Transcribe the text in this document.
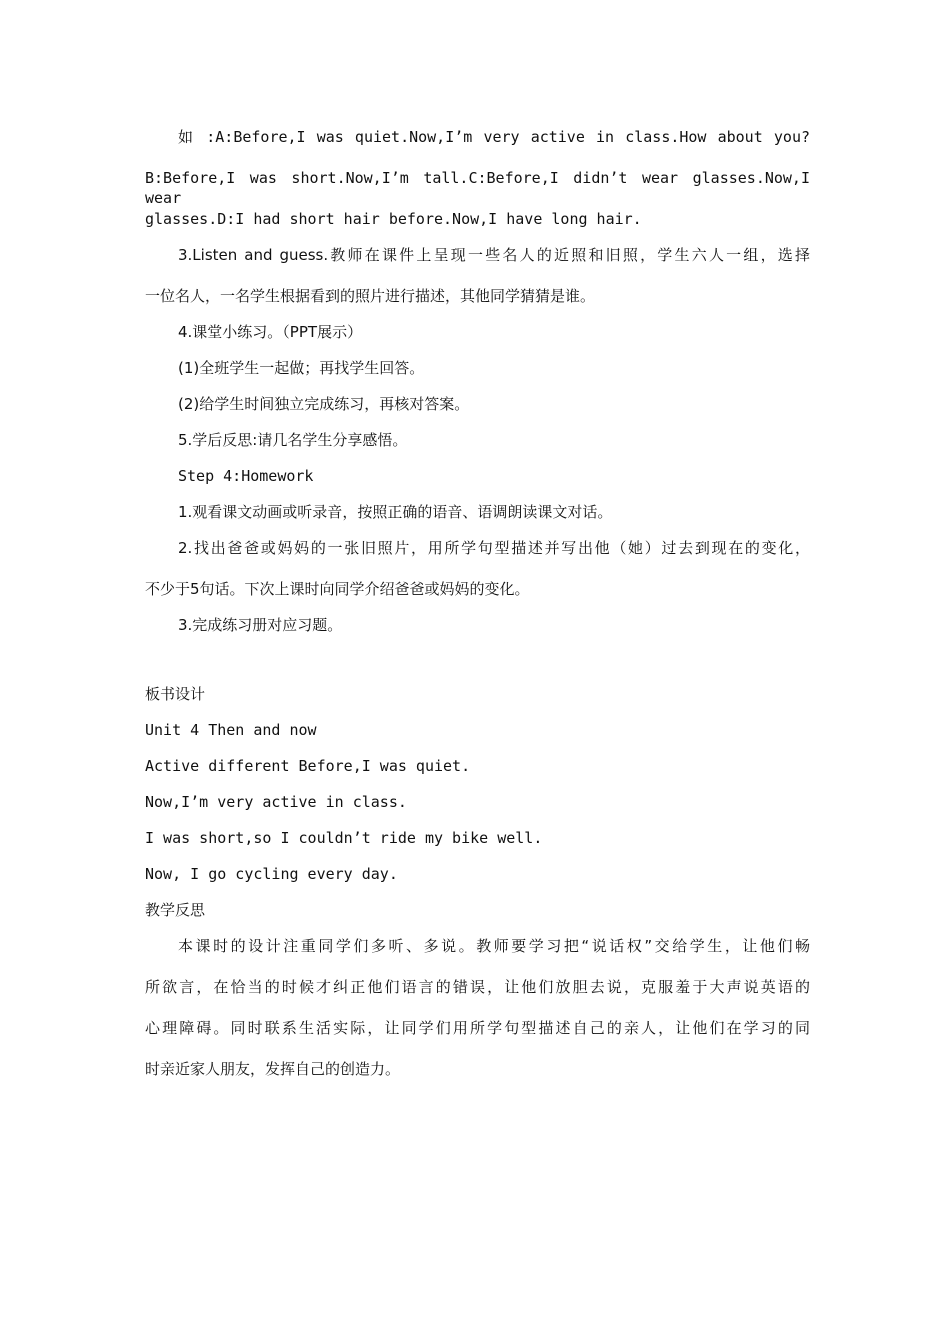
如 :A:Before,I was quiet.Now,I’m very active in class.How about you?
B:Before,I was short.Now,I’m tall.C:Before,I didn’t wear glasses.Now,I wear
glasses.D:I had short hair before.Now,I have long hair.
3.Listen and guess.教师在课件上呈现一些名人的近照和旧照，学生六人一组，选择
一位名人，一名学生根据看到的照片进行描述，其他同学猜猜是谁。
4.课堂小练习。（PPT展示）
(1)全班学生一起做；再找学生回答。
(2)给学生时间独立完成练习，再核对答案。
5.学后反思:请几名学生分享感悟。
Step 4:Homework
1.观看课文动画或听录音，按照正确的语音、语调朗读课文对话。
2.找出爸爸或妈妈的一张旧照片，用所学句型描述并写出他（她）过去到现在的变化，
不少于5句话。下次上课时向同学介绍爸爸或妈妈的变化。
3.完成练习册对应习题。
板书设计
Unit 4 Then and now
Active different Before,I was quiet.
Now,I’m very active in class.
I was short,so I couldn’t ride my bike well.
Now, I go cycling every day.
教学反思
本课时的设计注重同学们多听、多说。教师要学习把“说话权”交给学生，让他们畅
所欲言，在恰当的时候才纠正他们语言的错误，让他们放胆去说，克服羞于大声说英语的
心理障碍。同时联系生活实际，让同学们用所学句型描述自己的亲人，让他们在学习的同
时亲近家人朋友，发挥自己的创造力。
